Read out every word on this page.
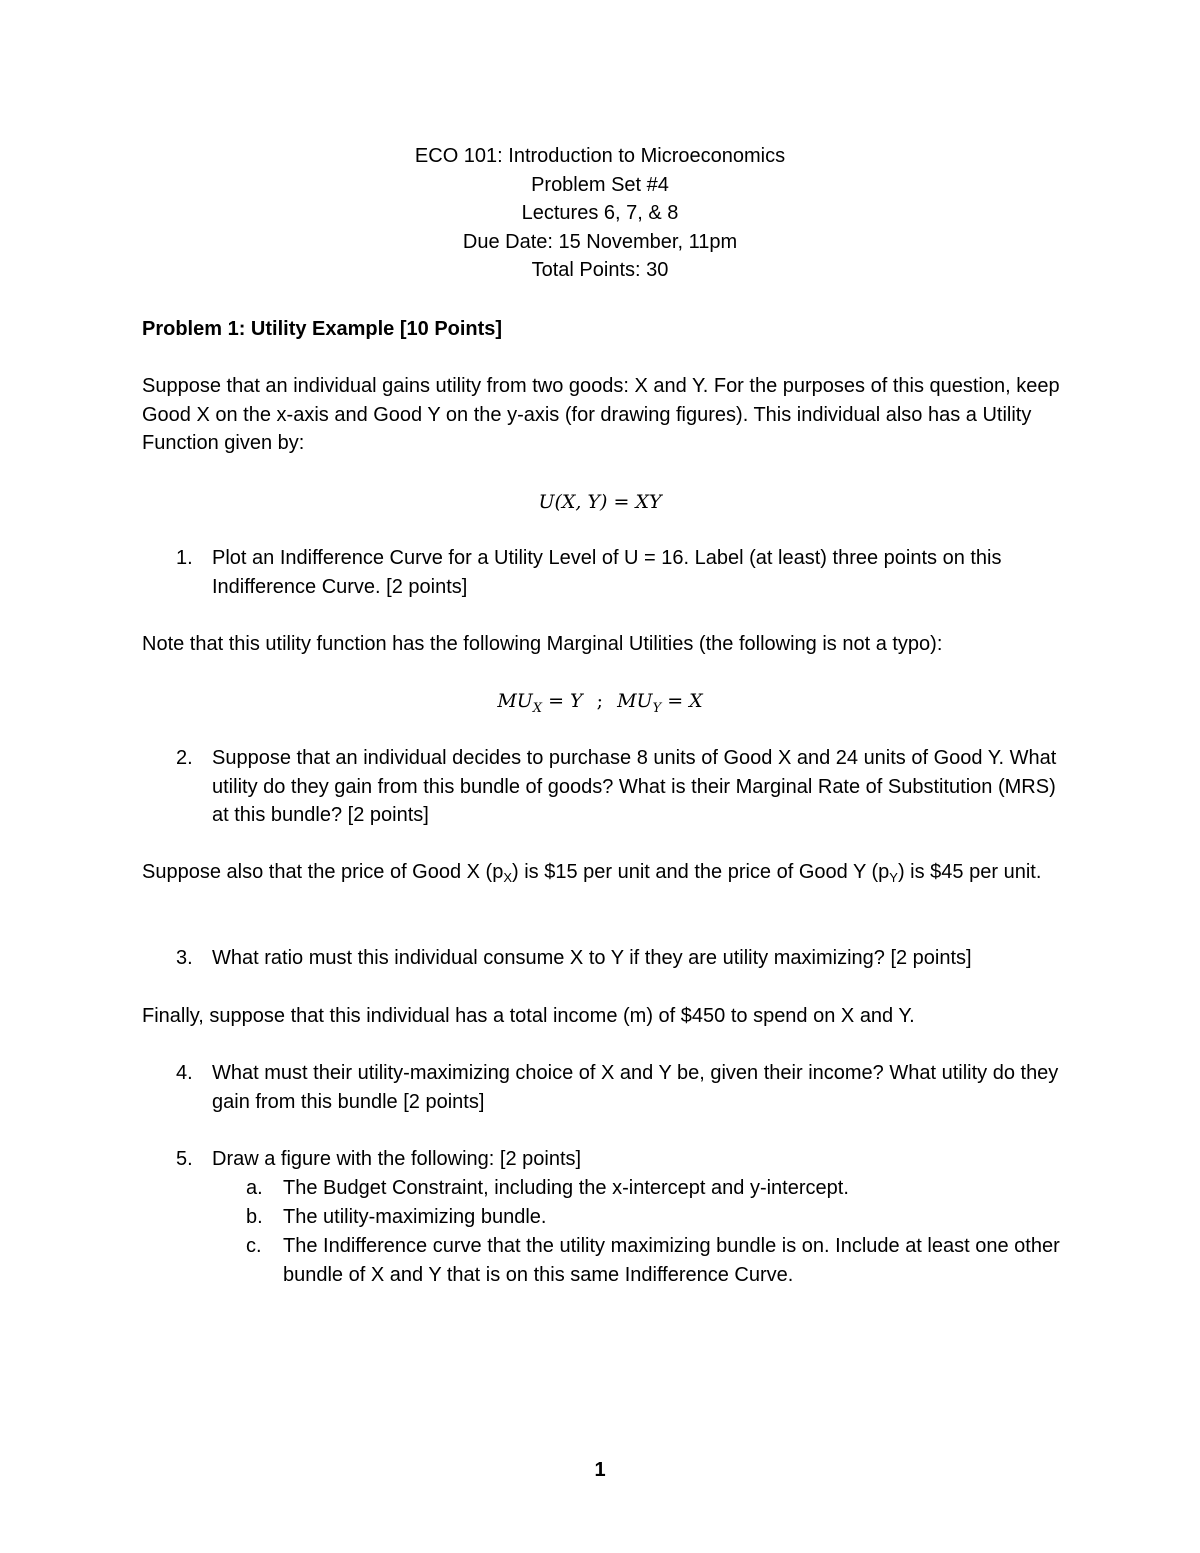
ECO 101: Introduction to Microeconomics
Problem Set #4
Lectures 6, 7, & 8
Due Date: 15 November, 11pm
Total Points: 30
Problem 1: Utility Example [10 Points]
Suppose that an individual gains utility from two goods: X and Y. For the purposes of this question, keep Good X on the x-axis and Good Y on the y-axis (for drawing figures). This individual also has a Utility Function given by:
U(X, Y) = XY
1. Plot an Indifference Curve for a Utility Level of U = 16. Label (at least) three points on this Indifference Curve. [2 points]
Note that this utility function has the following Marginal Utilities (the following is not a typo):
$MU_X = Y$ ; $MU_Y = X$
2. Suppose that an individual decides to purchase 8 units of Good X and 24 units of Good Y. What utility do they gain from this bundle of goods? What is their Marginal Rate of Substitution (MRS) at this bundle? [2 points]
Suppose also that the price of Good X $(p_X)$ is $15 per unit and the price of Good Y $(p_Y)$ is $45 per unit.
3. What ratio must this individual consume X to Y if they are utility maximizing? [2 points]
Finally, suppose that this individual has a total income (m) of $450 to spend on X and Y.
4. What must their utility-maximizing choice of X and Y be, given their income? What utility do they gain from this bundle [2 points]
5. Draw a figure with the following: [2 points]
a.	The Budget Constraint, including the x-intercept and y-intercept.
b.	The utility-maximizing bundle.
c.	The Indifference curve that the utility maximizing bundle is on. Include at least one other bundle of X and Y that is on this same Indifference Curve.
1
